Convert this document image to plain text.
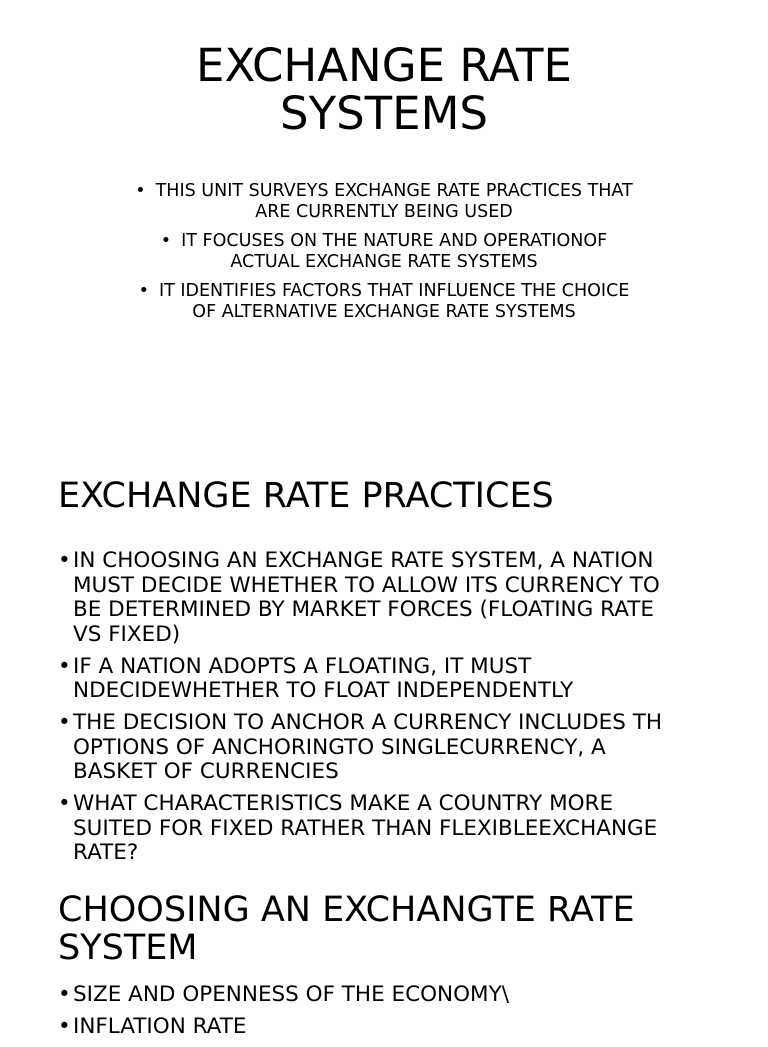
EXCHANGE RATE
SYSTEMS
• THIS UNIT SURVEYS EXCHANGE RATE PRACTICES THAT
ARE CURRENTLY BEING USED
• IT FOCUSES ON THE NATURE AND OPERATIONOF
ACTUAL EXCHANGE RATE SYSTEMS
• IT IDENTIFIES FACTORS THAT INFLUENCE THE CHOICE
OF ALTERNATIVE EXCHANGE RATE SYSTEMS
EXCHANGE RATE PRACTICES
• IN CHOOSING AN EXCHANGE RATE SYSTEM, A NATION
MUST DECIDE WHETHER TO ALLOW ITS CURRENCY TO
BE DETERMINED BY MARKET FORCES (FLOATING RATE
VS FIXED)
• IF A NATION ADOPTS A FLOATING, IT MUST
NDECIDEWHETHER TO FLOAT INDEPENDENTLY
• THE DECISION TO ANCHOR A CURRENCY INCLUDES TH
OPTIONS OF ANCHORINGTO SINGLECURRENCY, A
BASKET OF CURRENCIES
• WHAT CHARACTERISTICS MAKE A COUNTRY MORE
SUITED FOR FIXED RATHER THAN FLEXIBLEEXCHANGE
RATE?
CHOOSING AN EXCHANGTE RATE
SYSTEM
• SIZE AND OPENNESS OF THE ECONOMY\
• INFLATION RATE
